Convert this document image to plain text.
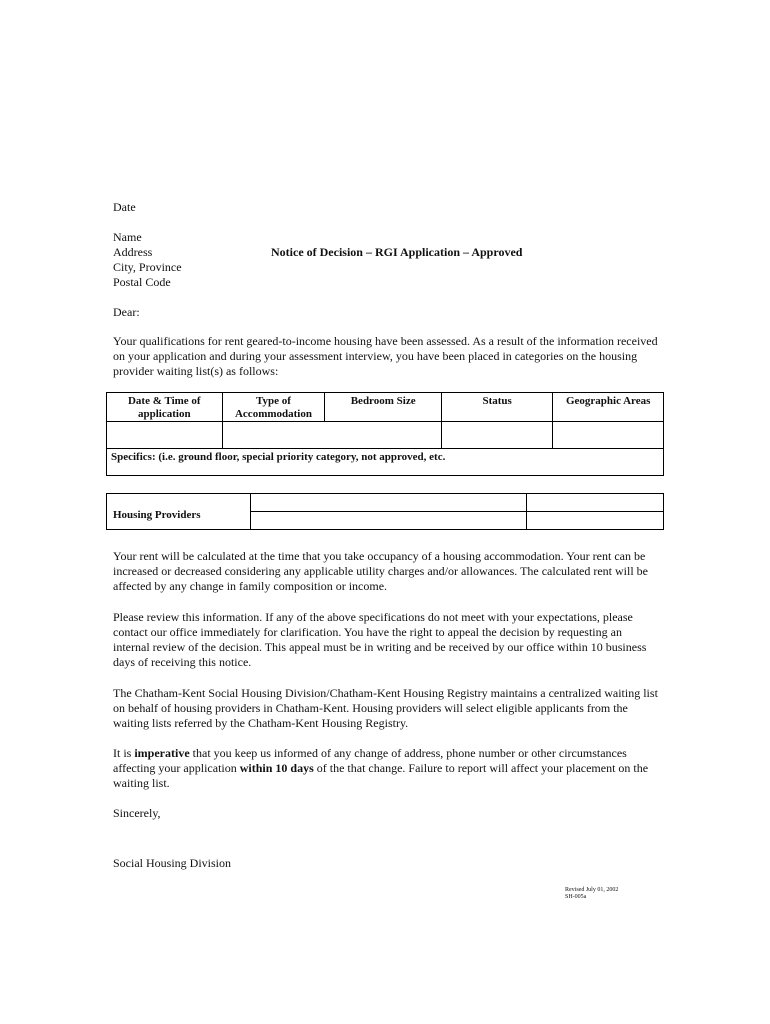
Date
Name
Address
City, Province
Postal Code
Notice of Decision – RGI Application – Approved
Dear:
Your qualifications for rent geared-to-income housing have been assessed. As a result of the information received on your application and during your assessment interview, you have been placed in categories on the housing provider waiting list(s) as follows:
Date & Time of application	Type of Accommodation	Bedroom Size	Status	Geographic Areas

Specifics: (i.e. ground floor, special priority category, not approved, etc.				
Housing Providers		

Your rent will be calculated at the time that you take occupancy of a housing accommodation. Your rent can be increased or decreased considering any applicable utility charges and/or allowances. The calculated rent will be affected by any change in family composition or income.
Please review this information. If any of the above specifications do not meet with your expectations, please contact our office immediately for clarification. You have the right to appeal the decision by requesting an internal review of the decision. This appeal must be in writing and be received by our office within 10 business days of receiving this notice.
The Chatham-Kent Social Housing Division/Chatham-Kent Housing Registry maintains a centralized waiting list on behalf of housing providers in Chatham-Kent. Housing providers will select eligible applicants from the waiting lists referred by the Chatham-Kent Housing Registry.
It is imperative that you keep us informed of any change of address, phone number or other circumstances affecting your application within 10 days of the that change. Failure to report will affect your placement on the waiting list.
Sincerely,
Social Housing Division
Revised July 01, 2002
SH-005a
